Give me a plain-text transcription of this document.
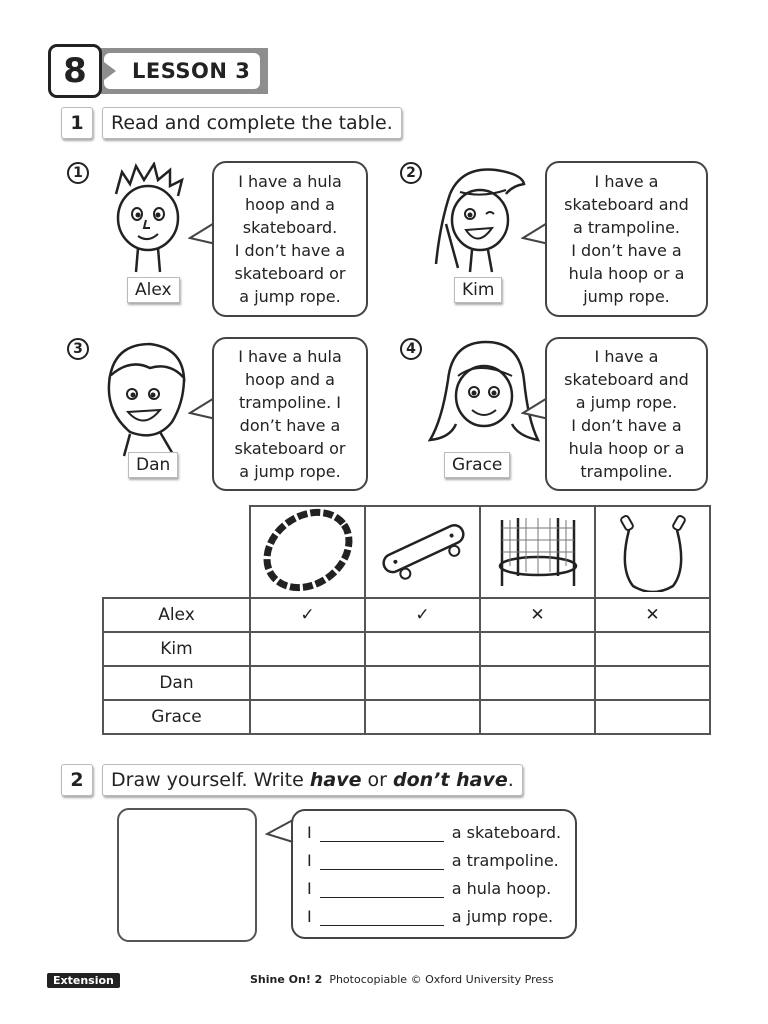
LESSON 3
8
1	Read and complete the table.
1
Alex
I have a hula
hoop and a
skateboard.
I don’t have a
skateboard or
a jump rope.
2
Kim
I have a
skateboard and
a trampoline.
I don’t have a
hula hoop or a
jump rope.
3
Dan
I have a hula
hoop and a
trampoline. I
don’t have a
skateboard or
a jump rope.
4
Grace
I have a
skateboard and
a jump rope.
I don’t have a
hula hoop or a
trampoline.

Alex	✓	✓	✕	✕
Kim				
Dan				
Grace				
2	Draw yourself. Write have or don’t have .
I	a skateboard.
I	a trampoline.
I	a hula hoop.
I	a jump rope.
Extension	Shine On! 2 Photocopiable © Oxford University Press
